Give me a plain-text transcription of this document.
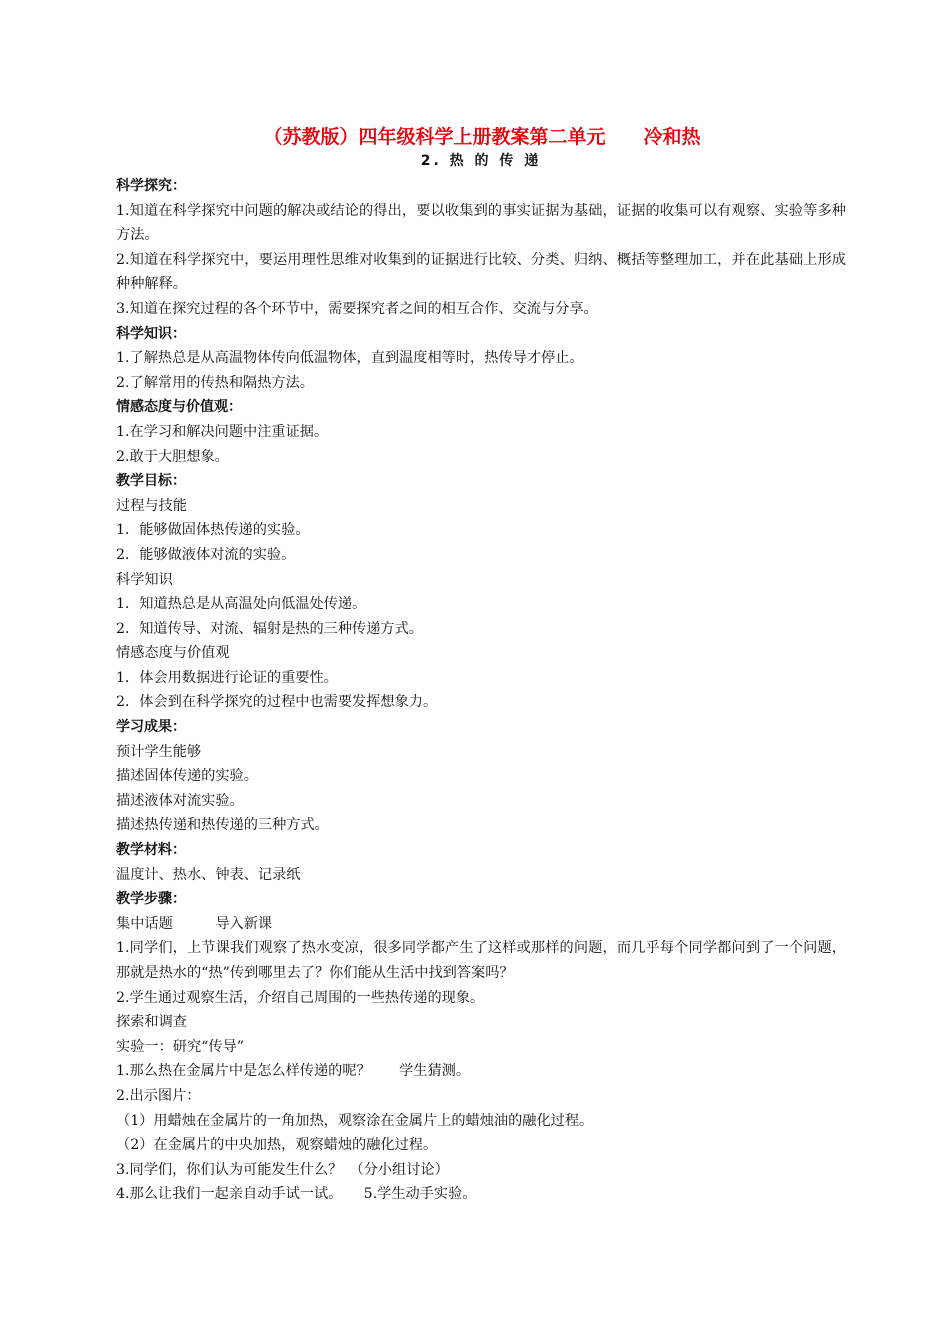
（苏教版）四年级科学上册教案第二单元　　冷和热
2. 热 的 传 递
科学探究：
1.知道在科学探究中问题的解决或结论的得出，要以收集到的事实证据为基础，证据的收集可以有观察、实验等多种方法。
2.知道在科学探究中，要运用理性思维对收集到的证据进行比较、分类、归纳、概括等整理加工，并在此基础上形成种种解释。
3.知道在探究过程的各个环节中，需要探究者之间的相互合作、交流与分享。
科学知识：
1.了解热总是从高温物体传向低温物体，直到温度相等时，热传导才停止。
2.了解常用的传热和隔热方法。
情感态度与价值观：
1.在学习和解决问题中注重证据。
2.敢于大胆想象。
教学目标：
过程与技能
1．能够做固体热传递的实验。
2．能够做液体对流的实验。
科学知识
1．知道热总是从高温处向低温处传递。
2．知道传导、对流、辐射是热的三种传递方式。
情感态度与价值观
1．体会用数据进行论证的重要性。
2．体会到在科学探究的过程中也需要发挥想象力。
学习成果：
预计学生能够
描述固体传递的实验。
描述液体对流实验。
描述热传递和热传递的三种方式。
教学材料：
温度计、热水、钟表、记录纸
教学步骤：
集中话题　　　导入新课
1.同学们，上节课我们观察了热水变凉，很多同学都产生了这样或那样的问题，而几乎每个同学都问到了一个问题，那就是热水的“热”传到哪里去了？你们能从生活中找到答案吗？
2.学生通过观察生活，介绍自己周围的一些热传递的现象。
探索和调查
实验一：研究“传导”
1.那么热在金属片中是怎么样传递的呢？　　学生猜测。
2.出示图片：
（1）用蜡烛在金属片的一角加热，观察涂在金属片上的蜡烛油的融化过程。
（2）在金属片的中央加热，观察蜡烛的融化过程。
3.同学们，你们认为可能发生什么？　（分小组讨论）
4.那么让我们一起亲自动手试一试。　　5.学生动手实验。
